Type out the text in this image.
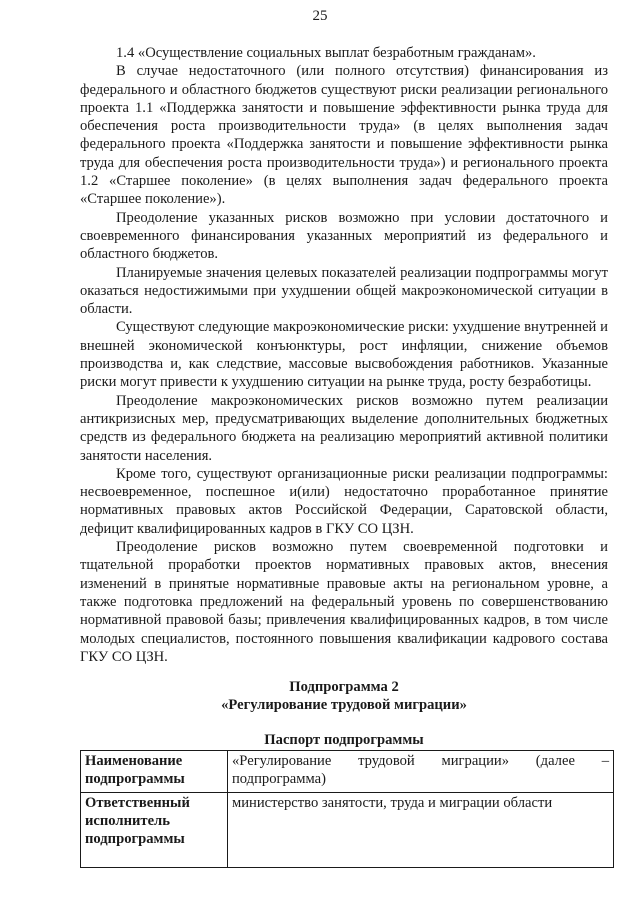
25

1.4 «Осуществление социальных выплат безработным гражданам».

В случае недостаточного (или полного отсутствия) финансирования из федерального и областного бюджетов существуют риски реализации регионального проекта 1.1 «Поддержка занятости и повышение эффективности рынка труда для обеспечения роста производительности труда» (в целях выполнения задач федерального проекта «Поддержка занятости и повышение эффективности рынка труда для обеспечения роста производительности труда») и регионального проекта 1.2 «Старшее поколение» (в целях выполнения задач федерального проекта «Старшее поколение»).

Преодоление указанных рисков возможно при условии достаточного и своевременного финансирования указанных мероприятий из федерального и областного бюджетов.

Планируемые значения целевых показателей реализации подпрограммы могут оказаться недостижимыми при ухудшении общей макроэкономической ситуации в области.

Существуют следующие макроэкономические риски: ухудшение внутренней и внешней экономической конъюнктуры, рост инфляции, снижение объемов производства и, как следствие, массовые высвобождения работников. Указанные риски могут привести к ухудшению ситуации на рынке труда, росту безработицы.

Преодоление макроэкономических рисков возможно путем реализации антикризисных мер, предусматривающих выделение дополнительных бюджетных средств из федерального бюджета на реализацию мероприятий активной политики занятости населения.

Кроме того, существуют организационные риски реализации подпрограммы: несвоевременное, поспешное и(или) недостаточно проработанное принятие нормативных правовых актов Российской Федерации, Саратовской области, дефицит квалифицированных кадров в ГКУ СО ЦЗН.

Преодоление рисков возможно путем своевременной подготовки и тщательной проработки проектов нормативных правовых актов, внесения изменений в принятые нормативные правовые акты на региональном уровне, а также подготовка предложений на федеральный уровень по совершенствованию нормативной правовой базы; привлечения квалифицированных кадров, в том числе молодых специалистов, постоянного повышения квалификации кадрового состава ГКУ СО ЦЗН.

Подпрограмма 2
«Регулирование трудовой миграции»
Паспорт подпрограммы
Наименование подпрограммы	«Регулирование трудовой миграции» (далее – подпрограмма)
Ответственный исполнитель подпрограммы	министерство занятости, труда и миграции области
